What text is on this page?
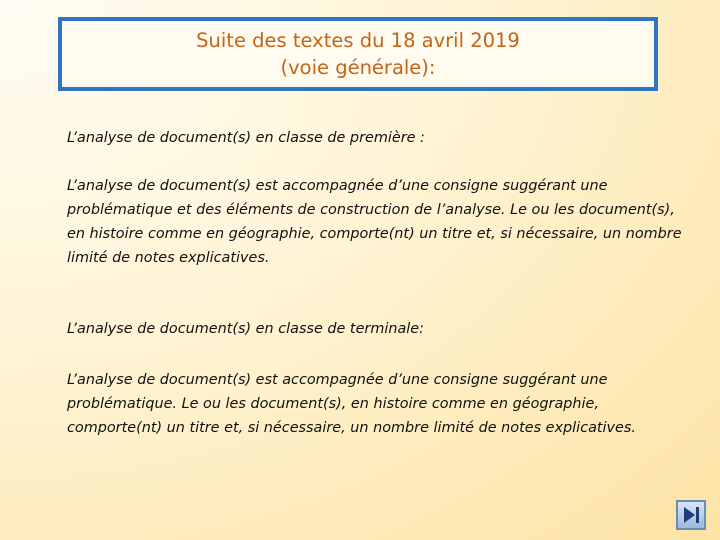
Suite des textes du 18 avril 2019
(voie générale):

L’analyse de document(s) en classe de première :

L’analyse de document(s) est accompagnée d’une consigne suggérant une problématique et des éléments de construction de l’analyse. Le ou les document(s), en histoire comme en géographie, comporte(nt) un titre et, si nécessaire, un nombre limité de notes explicatives.

L’analyse de document(s) en classe de terminale:

L’analyse de document(s) est accompagnée d’une consigne suggérant une problématique. Le ou les document(s), en histoire comme en géographie, comporte(nt) un titre et, si nécessaire, un nombre limité de notes explicatives.
